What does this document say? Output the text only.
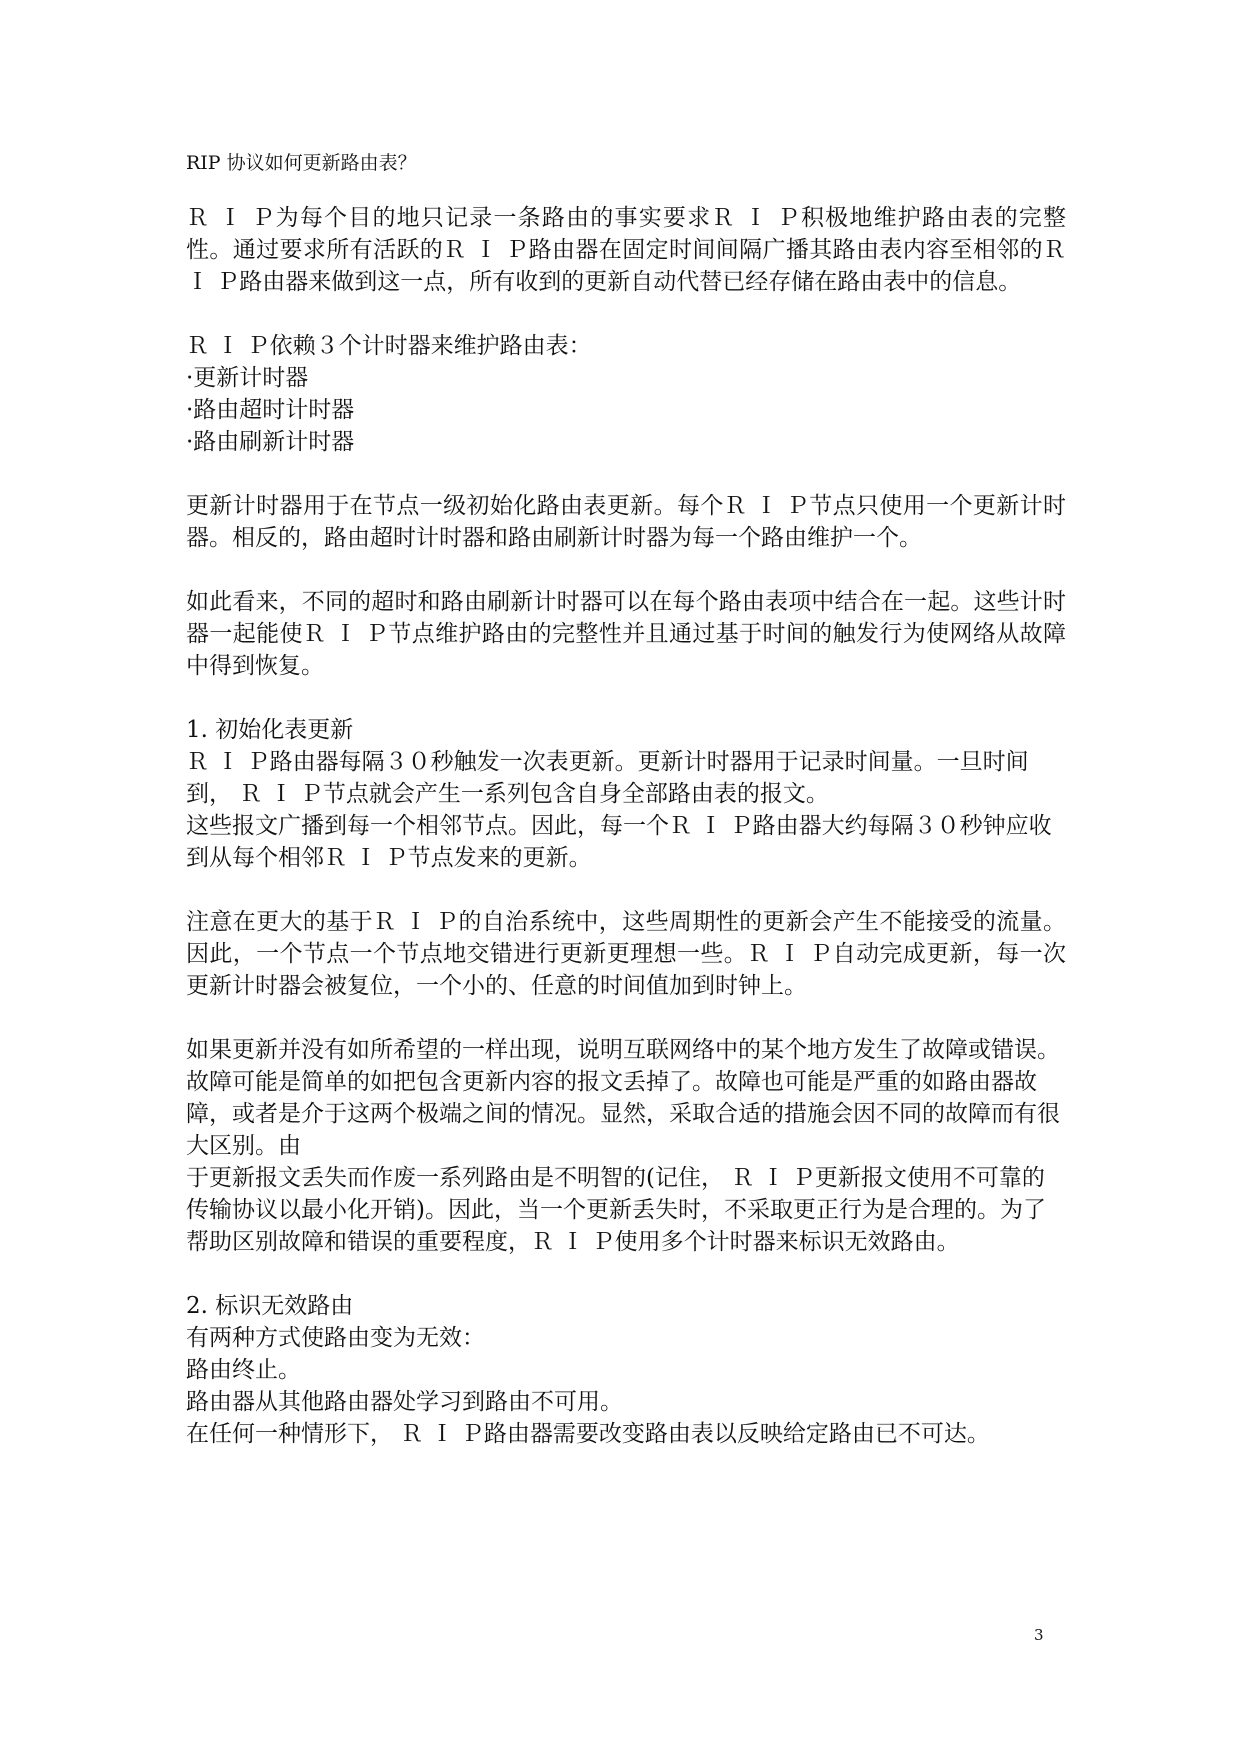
RIP 协议如何更新路由表？
Ｒ Ｉ Ｐ为每个目的地只记录一条路由的事实要求Ｒ Ｉ Ｐ积极地维护路由表的完整性。通过要求所有活跃的Ｒ Ｉ Ｐ路由器在固定时间间隔广播其路由表内容至相邻的Ｒ Ｉ Ｐ路由器来做到这一点，所有收到的更新自动代替已经存储在路由表中的信息。
Ｒ Ｉ Ｐ依赖３个计时器来维护路由表：
·更新计时器
·路由超时计时器
·路由刷新计时器
更新计时器用于在节点一级初始化路由表更新。每个Ｒ Ｉ Ｐ节点只使用一个更新计时器。相反的，路由超时计时器和路由刷新计时器为每一个路由维护一个。
如此看来，不同的超时和路由刷新计时器可以在每个路由表项中结合在一起。这些计时器一起能使Ｒ Ｉ Ｐ节点维护路由的完整性并且通过基于时间的触发行为使网络从故障中得到恢复。
1. 初始化表更新
Ｒ Ｉ Ｐ路由器每隔３０秒触发一次表更新。更新计时器用于记录时间量。一旦时间到， Ｒ Ｉ Ｐ节点就会产生一系列包含自身全部路由表的报文。
这些报文广播到每一个相邻节点。因此，每一个Ｒ Ｉ Ｐ路由器大约每隔３０秒钟应收到从每个相邻Ｒ Ｉ Ｐ节点发来的更新。
注意在更大的基于Ｒ Ｉ Ｐ的自治系统中，这些周期性的更新会产生不能接受的流量。因此，一个节点一个节点地交错进行更新更理想一些。Ｒ Ｉ Ｐ自动完成更新，每一次更新计时器会被复位，一个小的、任意的时间值加到时钟上。
如果更新并没有如所希望的一样出现，说明互联网络中的某个地方发生了故障或错误。故障可能是简单的如把包含更新内容的报文丢掉了。故障也可能是严重的如路由器故障，或者是介于这两个极端之间的情况。显然，采取合适的措施会因不同的故障而有很大区别。由
于更新报文丢失而作废一系列路由是不明智的(记住， Ｒ Ｉ Ｐ更新报文使用不可靠的传输协议以最小化开销)。因此，当一个更新丢失时，不采取更正行为是合理的。为了帮助区别故障和错误的重要程度，Ｒ Ｉ Ｐ使用多个计时器来标识无效路由。
2. 标识无效路由
有两种方式使路由变为无效：
路由终止。
路由器从其他路由器处学习到路由不可用。
在任何一种情形下， Ｒ Ｉ Ｐ路由器需要改变路由表以反映给定路由已不可达。
3
